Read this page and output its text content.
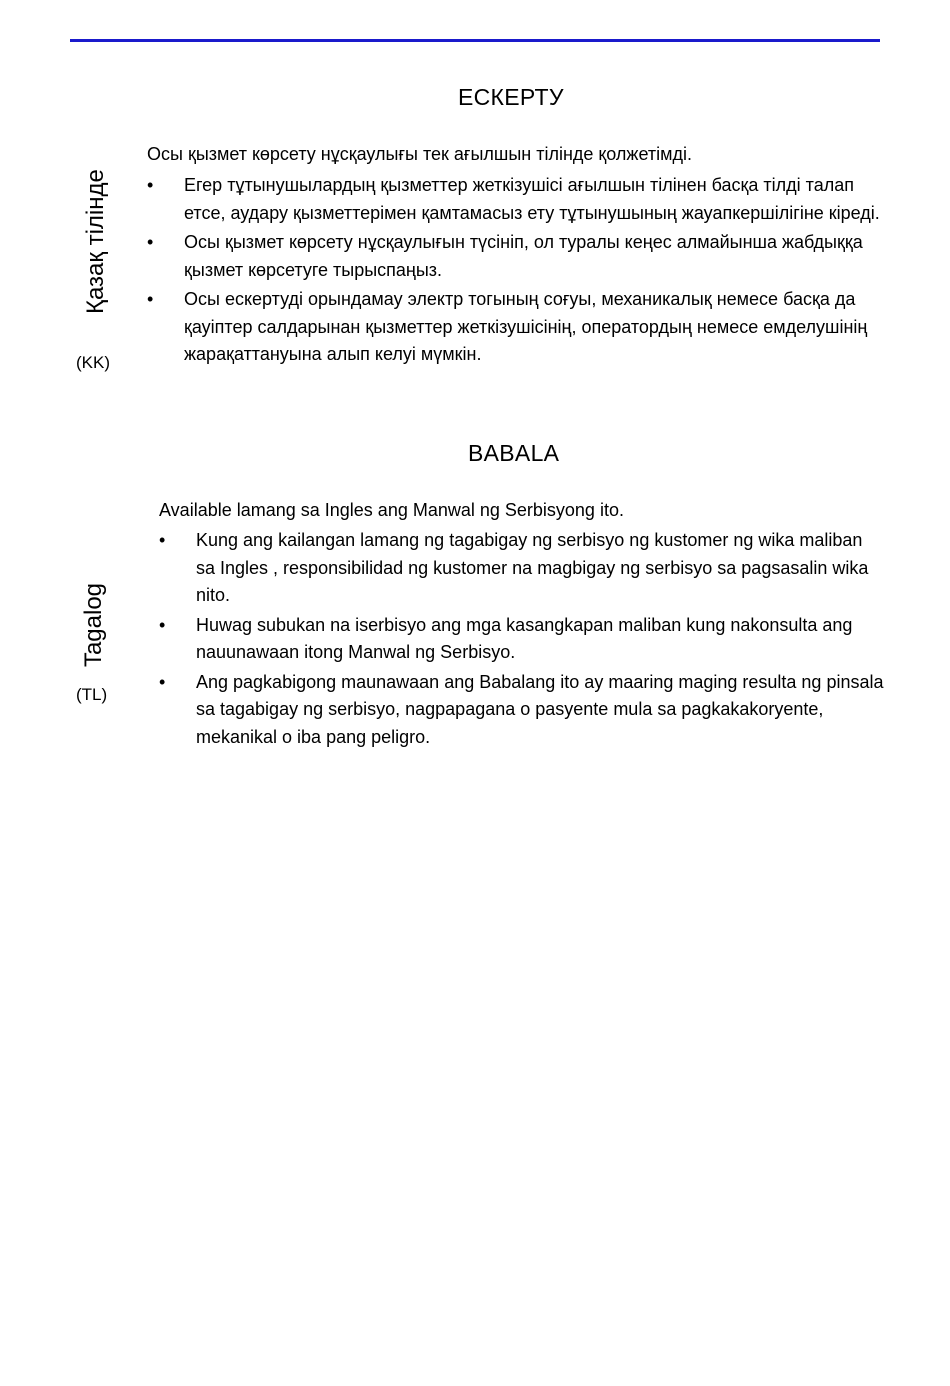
ЕСКЕРТУ
Қазақ тілінде
(KK)
Осы қызмет көрсету нұсқаулығы тек ағылшын тілінде қолжетімді.
•	Егер тұтынушылардың қызметтер жеткізушісі ағылшын тілінен басқа тілді талап етсе, аудару қызметтерімен қамтамасыз ету тұтынушының жауапкершілігіне кіреді.
•	Осы қызмет көрсету нұсқаулығын түсініп, ол туралы кеңес алмайынша жабдыққа қызмет көрсетуге тырыспаңыз.
•	Осы ескертуді орындамау электр тогының соғуы, механикалық немесе басқа да қауіптер салдарынан қызметтер жеткізушісінің, оператордың немесе емделушінің жарақаттануына алып келуі мүмкін.
BABALA
Tagalog
(TL)
Available lamang sa Ingles ang Manwal ng Serbisyong ito.
•	Kung ang kailangan lamang ng tagabigay ng serbisyo ng kustomer ng wika maliban sa Ingles , responsibilidad ng kustomer na magbigay ng serbisyo sa pagsasalin wika nito.
•	Huwag subukan na iserbisyo ang mga kasangkapan maliban kung nakonsulta ang nauunawaan itong Manwal ng Serbisyo.
•	Ang pagkabigong maunawaan ang Babalang ito ay maaring maging resulta ng pinsala sa tagabigay ng serbisyo, nagpapagana o pasyente mula sa pagkakakoryente, mekanikal o iba pang peligro.
